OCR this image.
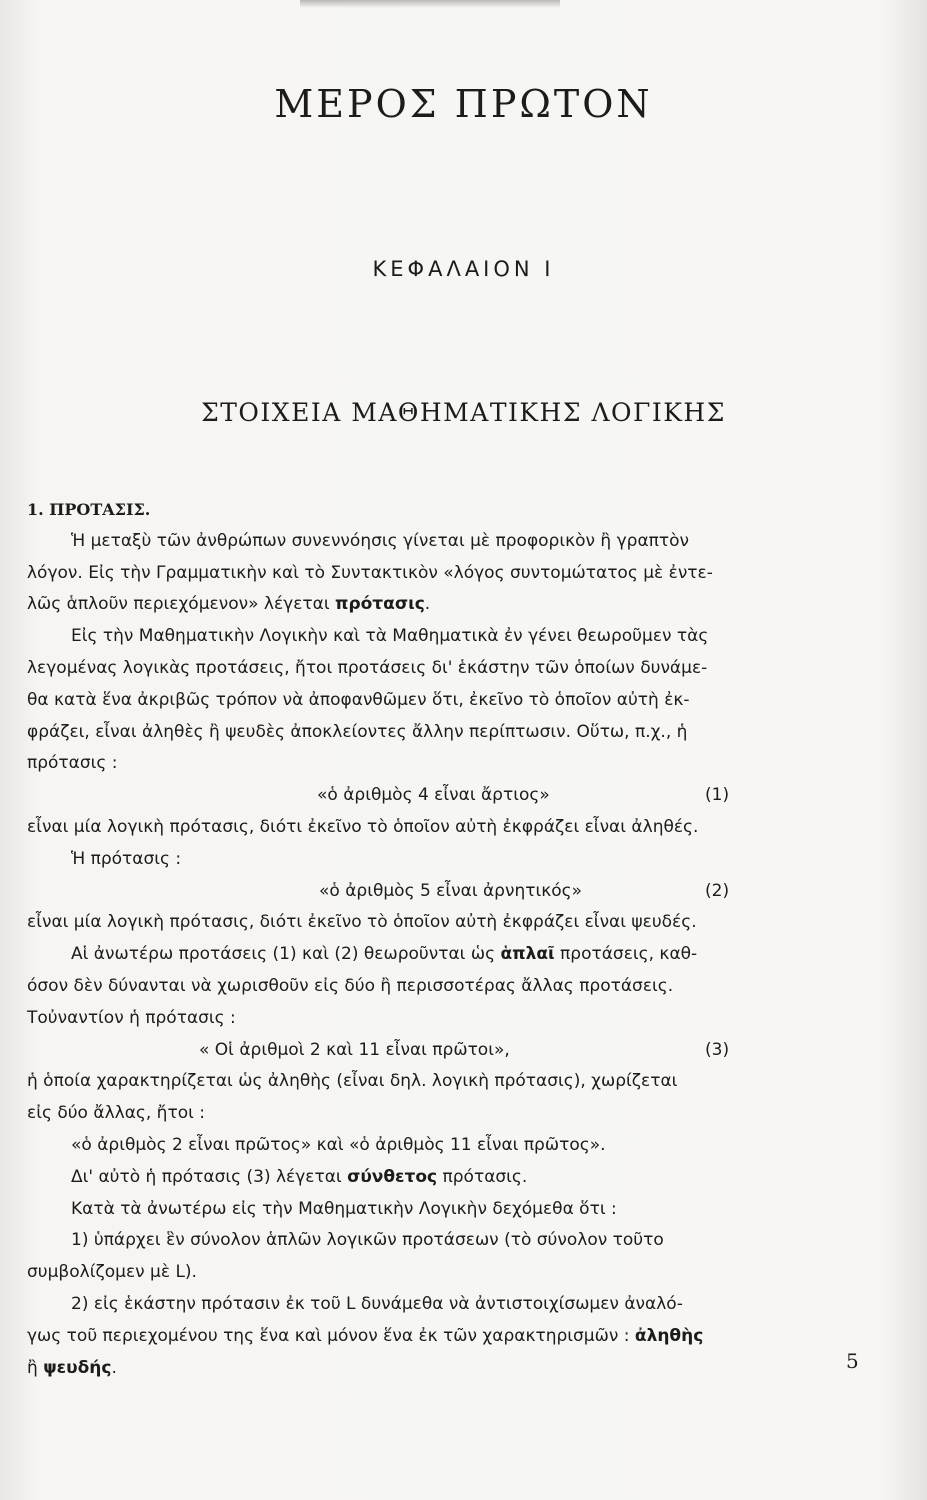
ΜΕΡΟΣ ΠΡΩΤΟΝ
ΚΕΦΑΛΑΙΟΝ Ι
ΣΤΟΙΧΕΙΑ ΜΑΘΗΜΑΤΙΚΗΣ ΛΟΓΙΚΗΣ
1. ΠΡΟΤΑΣΙΣ.
Ἡ μεταξὺ τῶν ἀνθρώπων συνεννόησις γίνεται μὲ προφορικὸν ἢ γραπτὸν
λόγον. Εἰς τὴν Γραμματικὴν καὶ τὸ Συντακτικὸν «λόγος συντομώτατος μὲ ἐντε-
λῶς ἁπλοῦν περιεχόμενον» λέγεται πρότασις.
Εἰς τὴν Μαθηματικὴν Λογικὴν καὶ τὰ Μαθηματικὰ ἐν γένει θεωροῦμεν τὰς
λεγομένας λογικὰς προτάσεις, ἤτοι προτάσεις δι' ἑκάστην τῶν ὁποίων δυνάμε-
θα κατὰ ἕνα ἀκριβῶς τρόπον νὰ ἀποφανθῶμεν ὅτι, ἐκεῖνο τὸ ὁποῖον αὐτὴ ἐκ-
φράζει, εἶναι ἀληθὲς ἢ ψευδὲς ἀποκλείοντες ἄλλην περίπτωσιν. Οὕτω, π.χ., ἡ
πρότασις :

«ὁ ἀριθμὸς 4 εἶναι ἄρτιος»	(1)
εἶναι μία λογικὴ πρότασις, διότι ἐκεῖνο τὸ ὁποῖον αὐτὴ ἐκφράζει εἶναι ἀληθές.
Ἡ πρότασις :

«ὁ ἀριθμὸς 5 εἶναι ἀρνητικός»	(2)
εἶναι μία λογικὴ πρότασις, διότι ἐκεῖνο τὸ ὁποῖον αὐτὴ ἐκφράζει εἶναι ψευδές.
Αἱ ἀνωτέρω προτάσεις (1) καὶ (2) θεωροῦνται ὡς ἁπλαῖ προτάσεις, καθ-
όσον δὲν δύνανται νὰ χωρισθοῦν εἰς δύο ἢ περισσοτέρας ἄλλας προτάσεις.
Τοὐναντίον ἡ πρότασις :

« Οἱ ἀριθμοὶ 2 καὶ 11 εἶναι πρῶτοι»,	(3)
ἡ ὁποία χαρακτηρίζεται ὡς ἀληθὴς (εἶναι δηλ. λογικὴ πρότασις), χωρίζεται
εἰς δύο ἄλλας, ἤτοι :
«ὁ ἀριθμὸς 2 εἶναι πρῶτος» καὶ «ὁ ἀριθμὸς 11 εἶναι πρῶτος».
Δι' αὐτὸ ἡ πρότασις (3) λέγεται σύνθετος πρότασις.
Κατὰ τὰ ἀνωτέρω εἰς τὴν Μαθηματικὴν Λογικὴν δεχόμεθα ὅτι :
1) ὑπάρχει ἓν σύνολον ἁπλῶν λογικῶν προτάσεων (τὸ σύνολον τοῦτο
συμβολίζομεν μὲ L).
2) εἰς ἑκάστην πρότασιν ἐκ τοῦ L δυνάμεθα νὰ ἀντιστοιχίσωμεν ἀναλό-
γως τοῦ περιεχομένου της ἕνα καὶ μόνον ἕνα ἐκ τῶν χαρακτηρισμῶν : ἀληθὴς
ἢ ψευδής.	5
